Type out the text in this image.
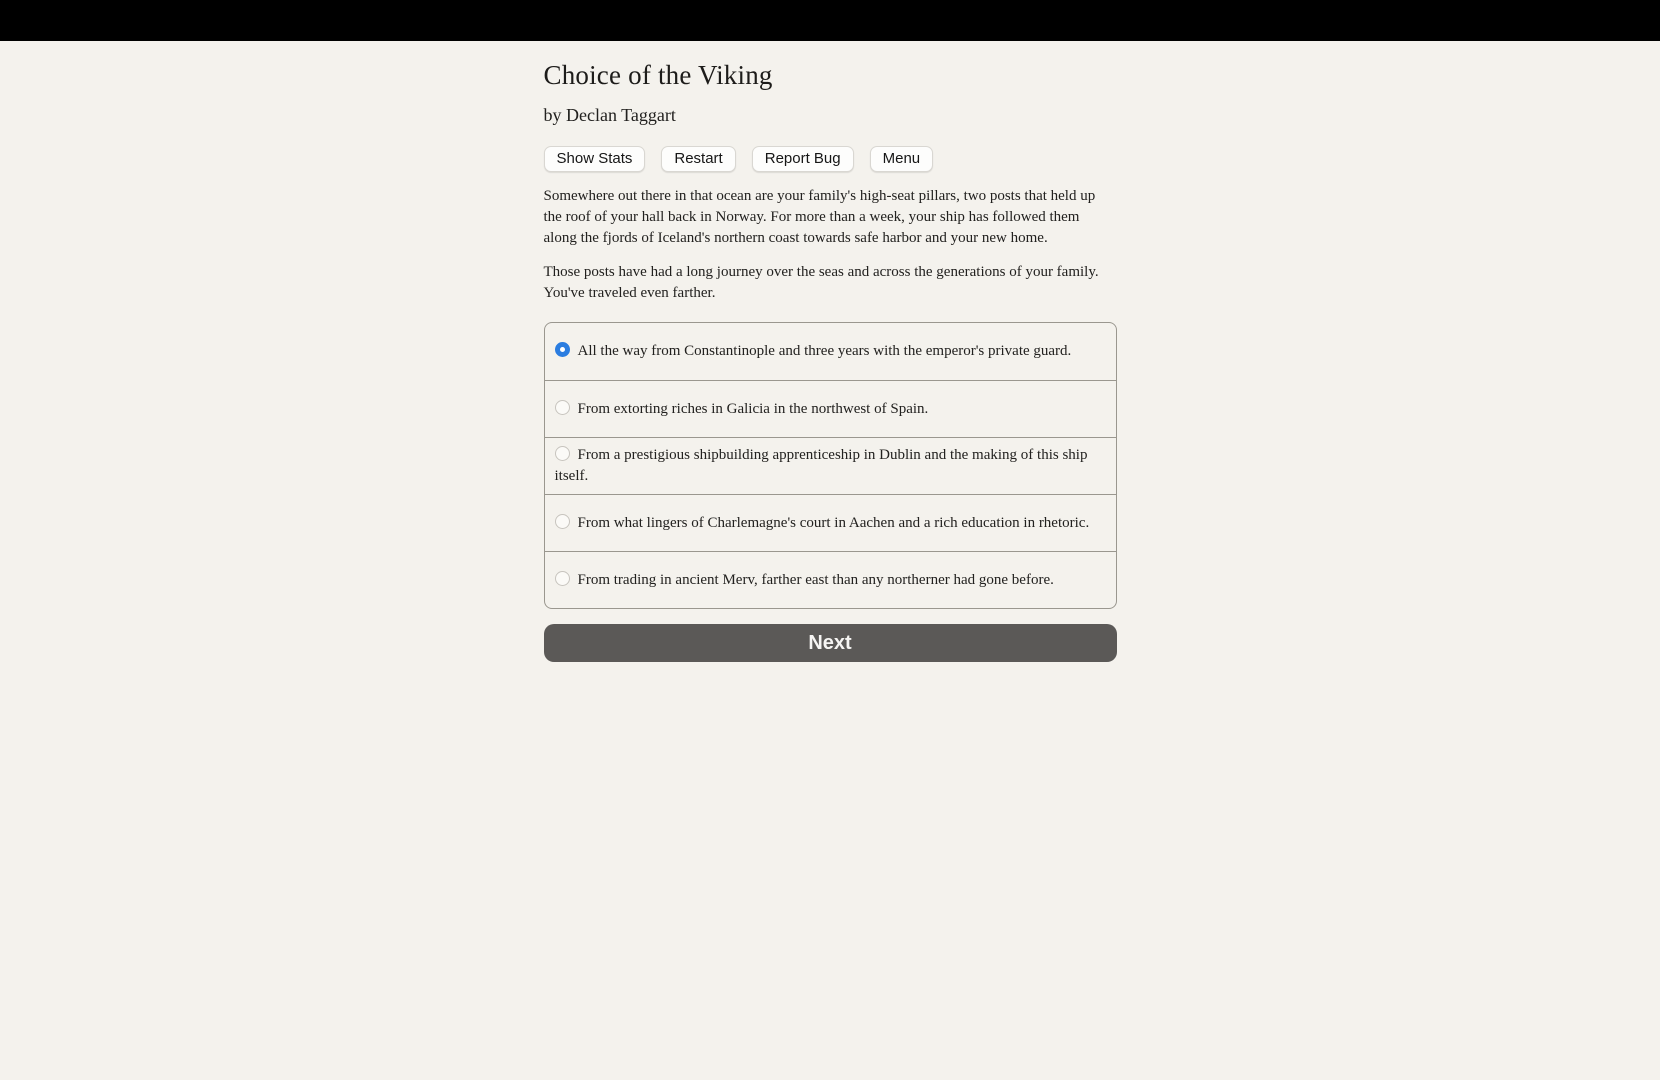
Choice of the Viking

by Declan Taggart

Show Stats	Restart	Report Bug	Menu

Somewhere out there in that ocean are your family's high-seat pillars, two posts that held up the roof of your hall back in Norway. For more than a week, your ship has followed them along the fjords of Iceland's northern coast towards safe harbor and your new home.

Those posts have had a long journey over the seas and across the generations of your family. You've traveled even farther.

All the way from Constantinople and three years with the emperor's private guard.
From extorting riches in Galicia in the northwest of Spain.
From a prestigious shipbuilding apprenticeship in Dublin and the making of this ship itself.
From what lingers of Charlemagne's court in Aachen and a rich education in rhetoric.
From trading in ancient Merv, farther east than any northerner had gone before.
Next
